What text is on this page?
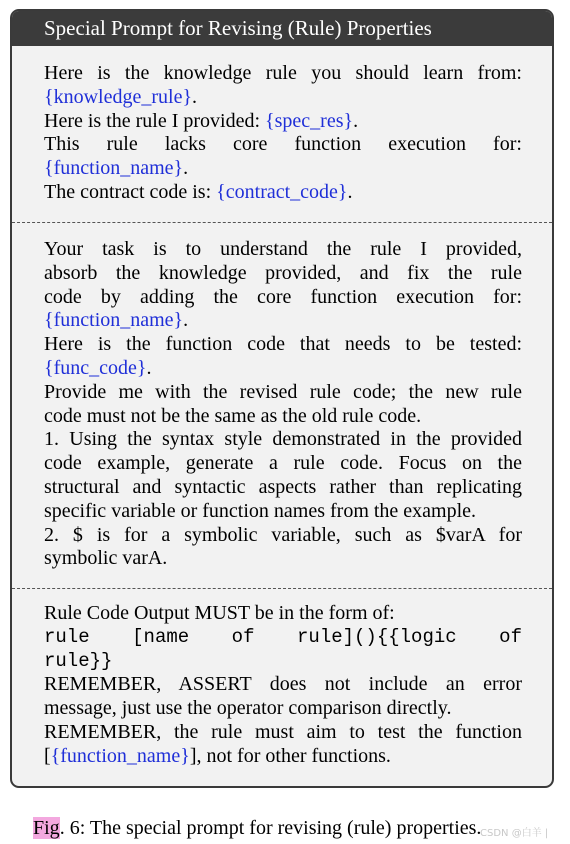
Special Prompt for Revising (Rule) Properties
Here is the knowledge rule you should learn from:
{knowledge_rule}.
Here is the rule I provided: {spec_res}.
This rule lacks core function execution for:
{function_name}.
The contract code is: {contract_code}.
Your task is to understand the rule I provided,
absorb the knowledge provided, and fix the rule
code by adding the core function execution for:
{function_name}.
Here is the function code that needs to be tested:
{func_code}.
Provide me with the revised rule code; the new rule
code must not be the same as the old rule code.
1. Using the syntax style demonstrated in the provided
code example, generate a rule code. Focus on the
structural and syntactic aspects rather than replicating
specific variable or function names from the example.
2. $ is for a symbolic variable, such as $varA for
symbolic varA.
Rule Code Output MUST be in the form of:
rule [name of rule](){{logic of
rule}}
REMEMBER, ASSERT does not include an error
message, just use the operator comparison directly.
REMEMBER, the rule must aim to test the function
[{function_name}], not for other functions.
Fig. 6: The special prompt for revising (rule) properties.
CSDN @白羊 |
